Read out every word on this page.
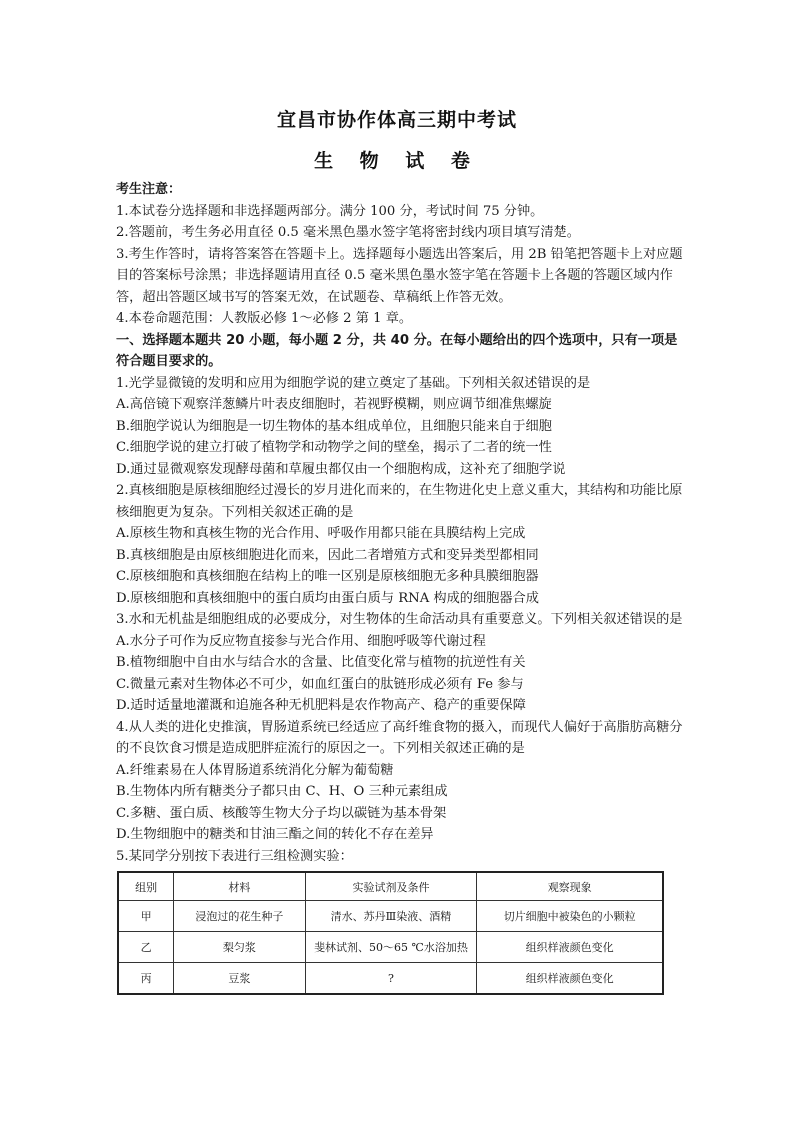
宜昌市协作体高三期中考试
生 物 试 卷

考生注意：

1.本试卷分选择题和非选择题两部分。满分 100 分，考试时间 75 分钟。

2.答题前，考生务必用直径 0.5 毫米黑色墨水签字笔将密封线内项目填写清楚。

3.考生作答时，请将答案答在答题卡上。选择题每小题选出答案后，用 2B 铅笔把答题卡上对应题目的答案标号涂黑；非选择题请用直径 0.5 毫米黑色墨水签字笔在答题卡上各题的答题区域内作答，超出答题区域书写的答案无效，在试题卷、草稿纸上作答无效。

4.本卷命题范围：人教版必修 1～必修 2 第 1 章。

一、选择题本题共 20 小题，每小题 2 分，共 40 分。在每小题给出的四个选项中，只有一项是符合题目要求的。

1.光学显微镜的发明和应用为细胞学说的建立奠定了基础。下列相关叙述错误的是

A.高倍镜下观察洋葱鳞片叶表皮细胞时，若视野模糊，则应调节细准焦螺旋

B.细胞学说认为细胞是一切生物体的基本组成单位，且细胞只能来自于细胞

C.细胞学说的建立打破了植物学和动物学之间的壁垒，揭示了二者的统一性

D.通过显微观察发现酵母菌和草履虫都仅由一个细胞构成，这补充了细胞学说

2.真核细胞是原核细胞经过漫长的岁月进化而来的，在生物进化史上意义重大，其结构和功能比原核细胞更为复杂。下列相关叙述正确的是

A.原核生物和真核生物的光合作用、呼吸作用都只能在具膜结构上完成

B.真核细胞是由原核细胞进化而来，因此二者增殖方式和变异类型都相同

C.原核细胞和真核细胞在结构上的唯一区别是原核细胞无多种具膜细胞器

D.原核细胞和真核细胞中的蛋白质均由蛋白质与 RNA 构成的细胞器合成

3.水和无机盐是细胞组成的必要成分，对生物体的生命活动具有重要意义。下列相关叙述错误的是

A.水分子可作为反应物直接参与光合作用、细胞呼吸等代谢过程

B.植物细胞中自由水与结合水的含量、比值变化常与植物的抗逆性有关

C.微量元素对生物体必不可少，如血红蛋白的肽链形成必须有 Fe 参与

D.适时适量地灌溉和追施各种无机肥料是农作物高产、稳产的重要保障

4.从人类的进化史推演，胃肠道系统已经适应了高纤维食物的摄入，而现代人偏好于高脂肪高糖分的不良饮食习惯是造成肥胖症流行的原因之一。下列相关叙述正确的是

A.纤维素易在人体胃肠道系统消化分解为葡萄糖

B.生物体内所有糖类分子都只由 C、H、O 三种元素组成

C.多糖、蛋白质、核酸等生物大分子均以碳链为基本骨架

D.生物细胞中的糖类和甘油三酯之间的转化不存在差异

5.某同学分别按下表进行三组检测实验：

组别	材料	实验试剂及条件	观察现象
甲	浸泡过的花生种子	清水、苏丹Ⅲ染液、酒精	切片细胞中被染色的小颗粒
乙	梨匀浆	斐林试剂、50～65 ℃水浴加热	组织样液颜色变化
丙	豆浆	?	组织样液颜色变化
